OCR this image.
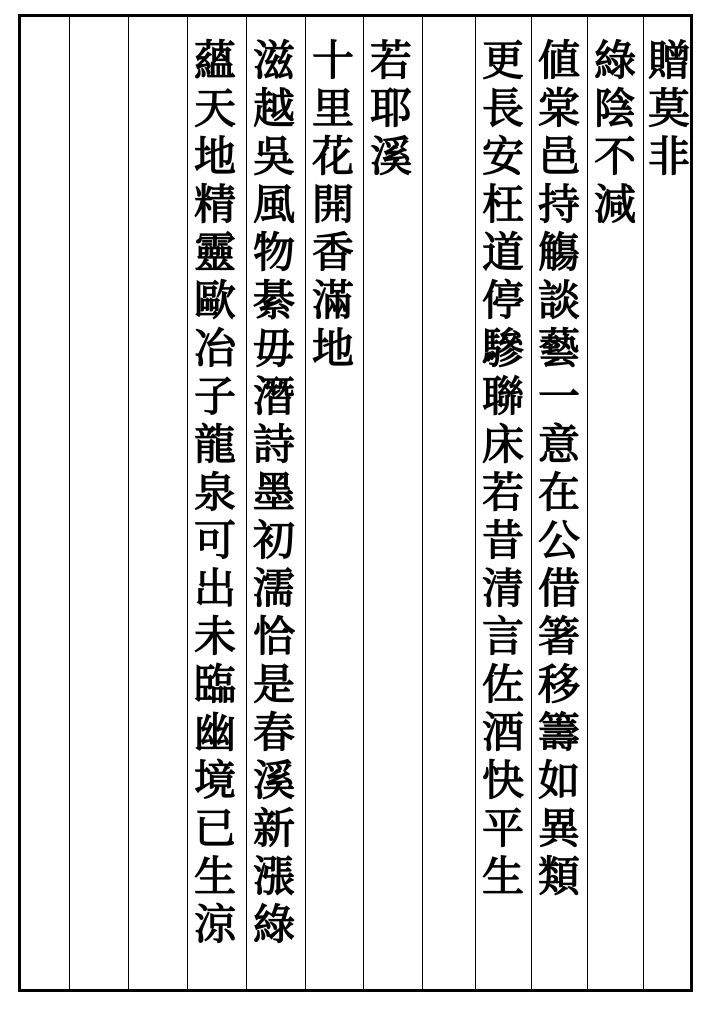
贈
莫
非
綠
陰
不
減
値
棠
邑
持
觴
談
藝
一
意
在
公
借
箸
移
籌
如
異
類
更
長
安
枉
道
停
驂
聯
床
若
昔
清
言
佐
酒
快
平
生
若
耶
溪
十
里
花
開
香
滿
地
滋
越
吳
風
物
綦
毋
潛
詩
墨
初
濡
恰
是
春
溪
新
漲
綠
蘊
天
地
精
靈
歐
冶
子
龍
泉
可
出
未
臨
幽
境
已
生
涼
